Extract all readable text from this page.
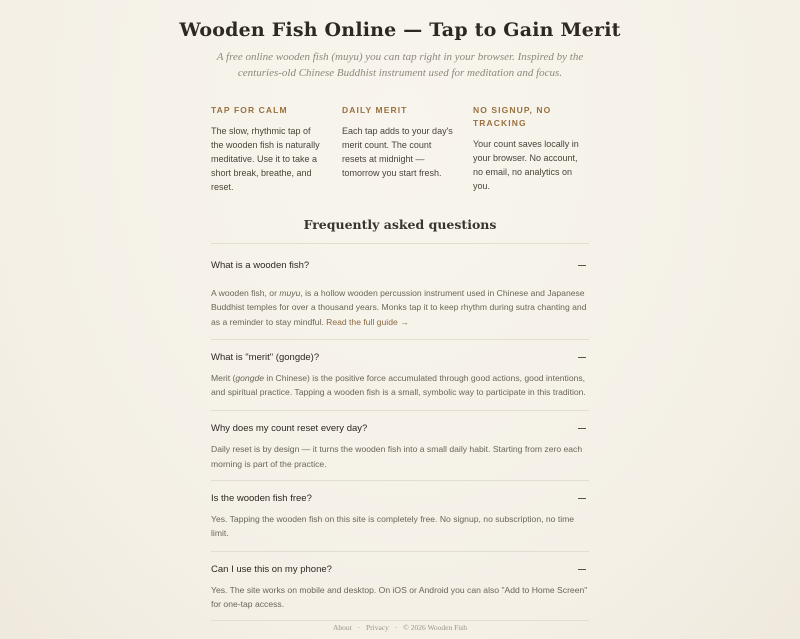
Wooden Fish Online — Tap to Gain Merit

A free online wooden fish (muyu) you can tap right in your browser. Inspired by the centuries-old Chinese Buddhist instrument used for meditation and focus.

TAP FOR CALM
The slow, rhythmic tap of the wooden fish is naturally meditative. Use it to take a short break, breathe, and reset.
DAILY MERIT
Each tap adds to your day's merit count. The count resets at midnight — tomorrow you start fresh.
NO SIGNUP, NO TRACKING
Your count saves locally in your browser. No account, no email, no analytics on you.
Frequently asked questions
What is a wooden fish?

A wooden fish, or muyu, is a hollow wooden percussion instrument used in Chinese and Japanese Buddhist temples for over a thousand years. Monks tap it to keep rhythm during sutra chanting and as a reminder to stay mindful. Read the full guide →

What is "merit" (gongde)?

Merit (gongde in Chinese) is the positive force accumulated through good actions, good intentions, and spiritual practice. Tapping a wooden fish is a small, symbolic way to participate in this tradition.

Why does my count reset every day?

Daily reset is by design — it turns the wooden fish into a small daily habit. Starting from zero each morning is part of the practice.

Is the wooden fish free?

Yes. Tapping the wooden fish on this site is completely free. No signup, no subscription, no time limit.

Can I use this on my phone?

Yes. The site works on mobile and desktop. On iOS or Android you can also "Add to Home Screen" for one-tap access.

About · Privacy · © 2026 Wooden Fish
